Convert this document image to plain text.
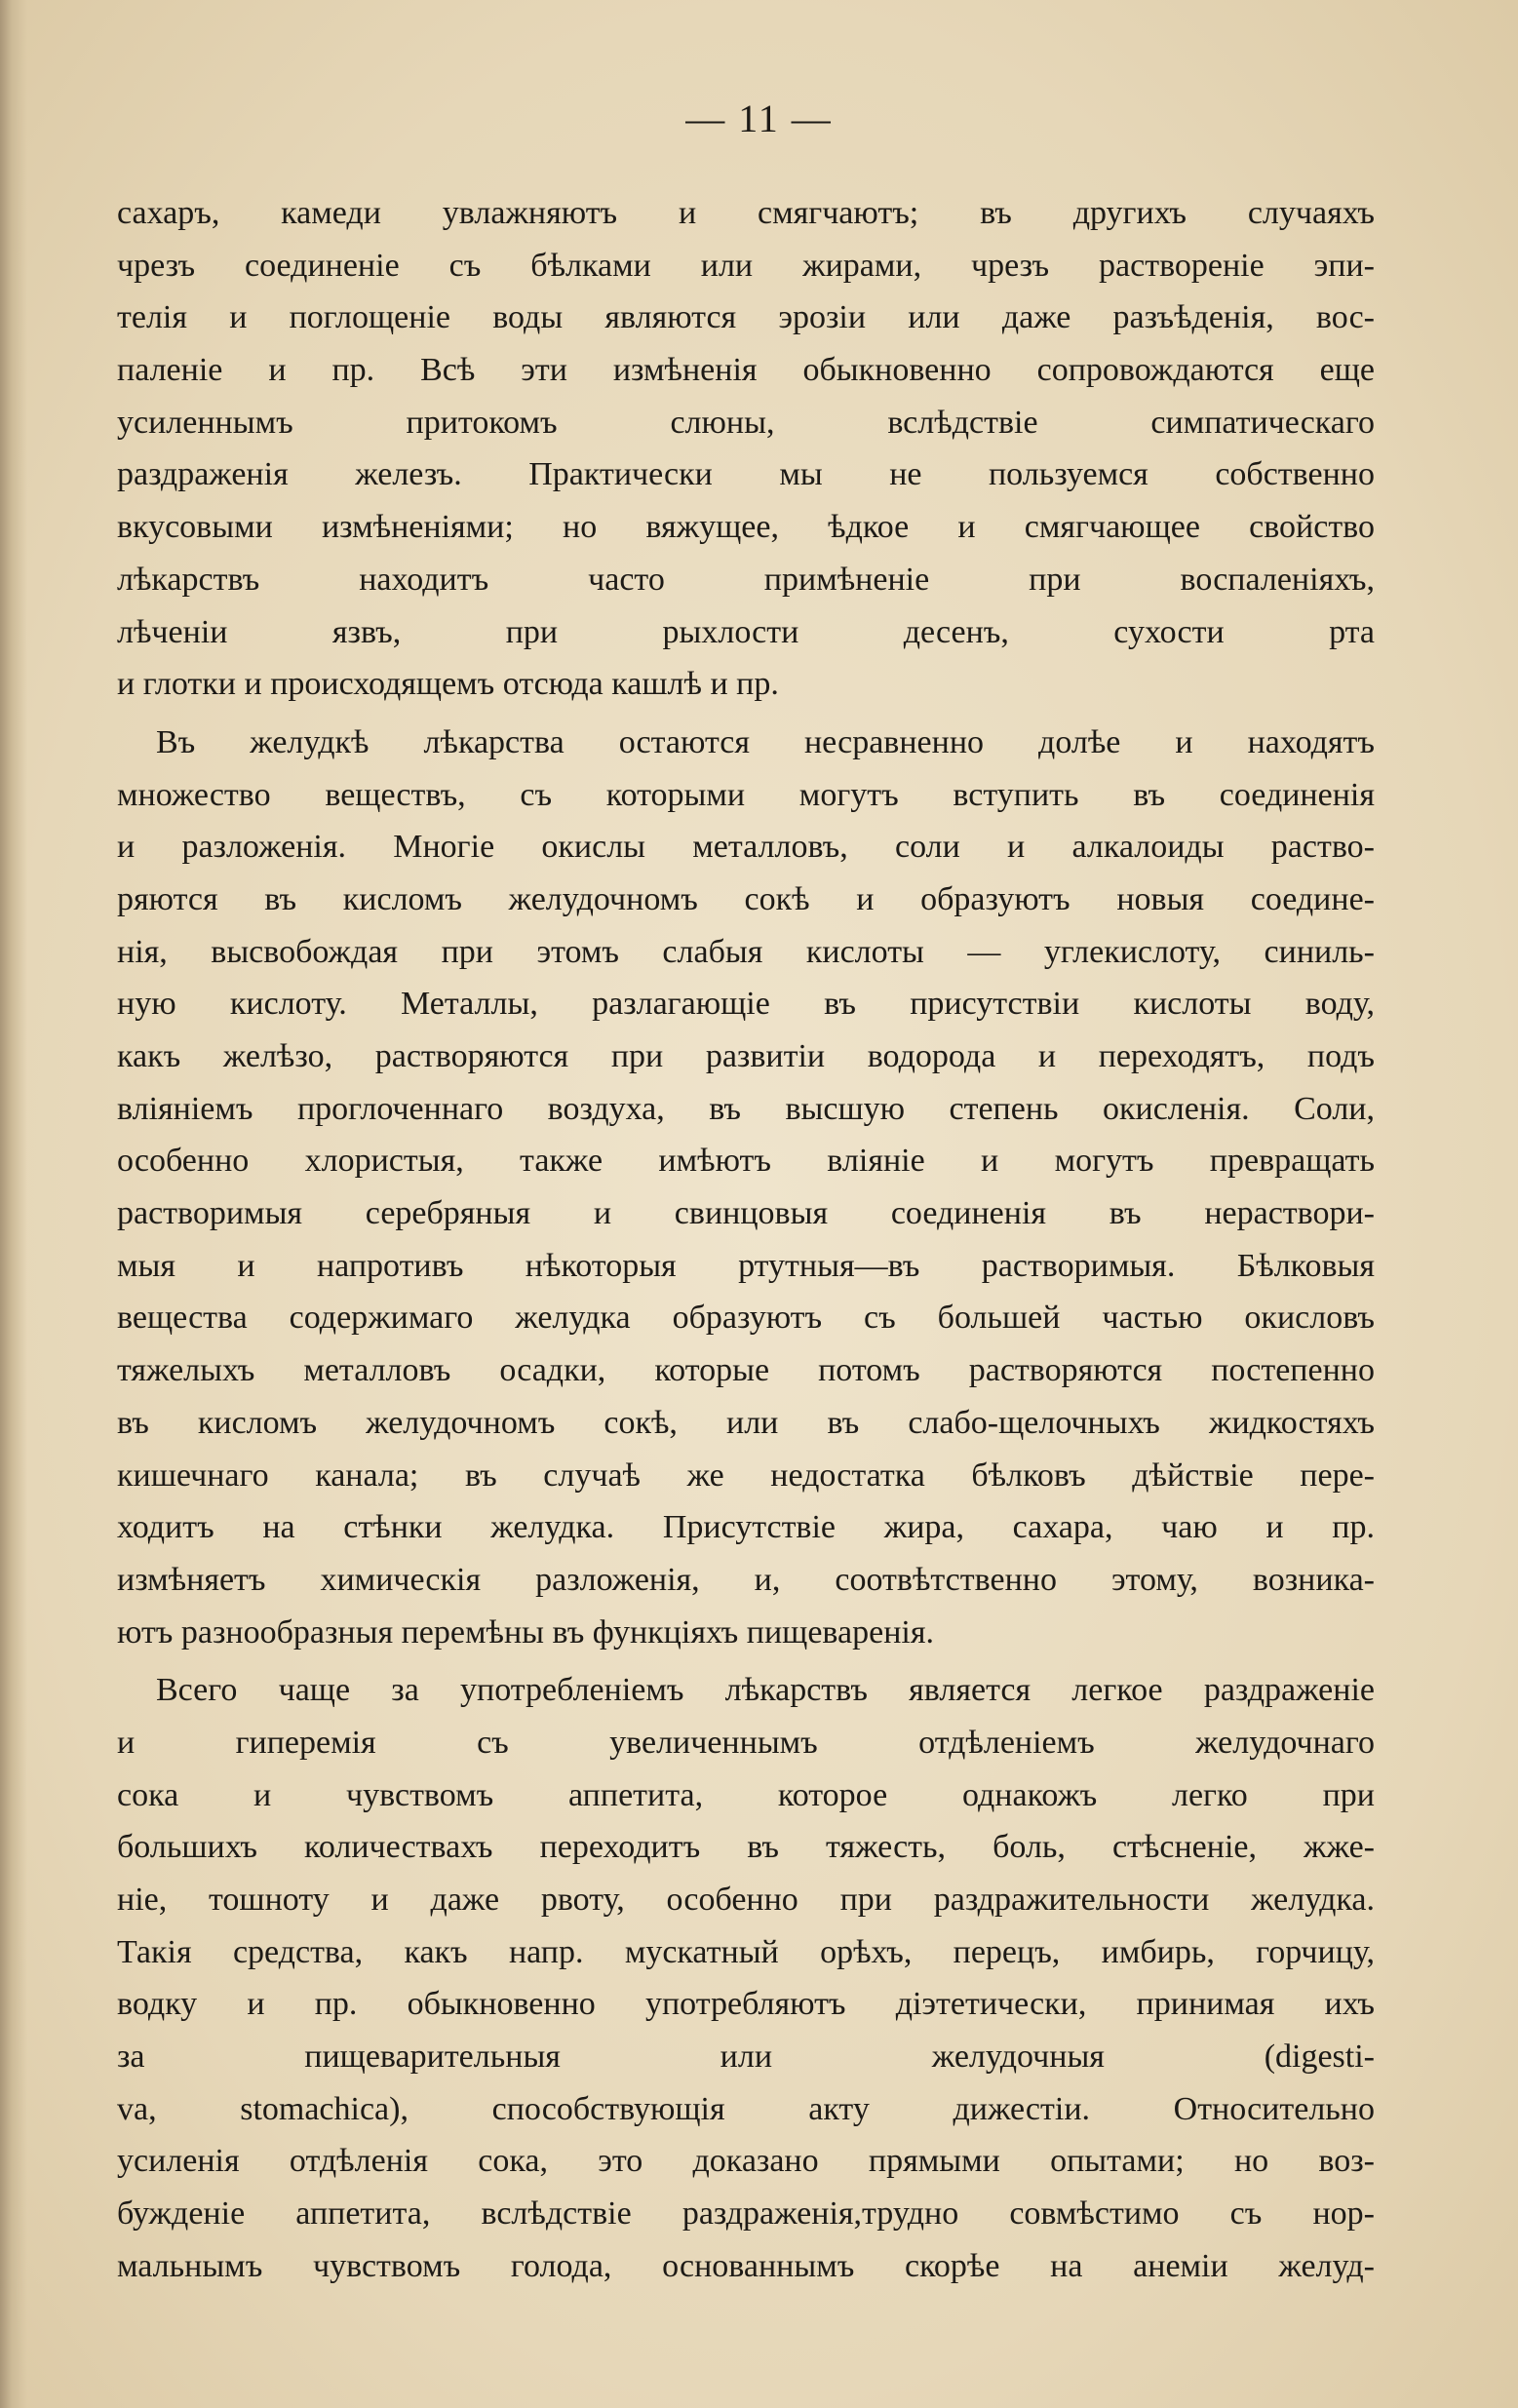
— 11 —
сахаръ, камеди увлажняютъ и смягчаютъ; въ другихъ случаяхъ
чрезъ соединеніе съ бѣлками или жирами, чрезъ раствореніе эпи-
телія и поглощеніе воды являются эрозіи или даже разъѣденія, вос-
паленіе и пр. Всѣ эти измѣненія обыкновенно сопровождаются еще
усиленнымъ притокомъ слюны, вслѣдствіе симпатическаго
раздраженія железъ. Практически мы не пользуемся собственно
вкусовыми измѣненіями; но вяжущее, ѣдкое и смягчающее свойство
лѣкарствъ находитъ часто примѣненіе при воспаленіяхъ,
лѣченіи язвъ, при рыхлости десенъ, сухости рта
и глотки и происходящемъ отсюда кашлѣ и пр.
Въ желудкѣ лѣкарства остаются несравненно долѣе и находятъ
множество веществъ, съ которыми могутъ вступить въ соединенія
и разложенія. Многіе окислы металловъ, соли и алкалоиды раство-
ряются въ кисломъ желудочномъ сокѣ и образуютъ новыя соедине-
нія, высвобождая при этомъ слабыя кислоты — углекислоту, синиль-
ную кислоту. Металлы, разлагающіе въ присутствіи кислоты воду,
какъ желѣзо, растворяются при развитіи водорода и переходятъ, подъ
вліяніемъ проглоченнаго воздуха, въ высшую степень окисленія. Соли,
особенно хлористыя, также имѣютъ вліяніе и могутъ превращать
растворимыя серебряныя и свинцовыя соединенія въ нераствори-
мыя и напротивъ нѣкоторыя ртутныя—въ растворимыя. Бѣлковыя
вещества содержимаго желудка образуютъ съ большей частью окисловъ
тяжелыхъ металловъ осадки, которые потомъ растворяются постепенно
въ кисломъ желудочномъ сокѣ, или въ слабо-щелочныхъ жидкостяхъ
кишечнаго канала; въ случаѣ же недостатка бѣлковъ дѣйствіе пере-
ходитъ на стѣнки желудка. Присутствіе жира, сахара, чаю и пр.
измѣняетъ химическія разложенія, и, соотвѣтственно этому, возника-
ютъ разнообразныя перемѣны въ функціяхъ пищеваренія.
Всего чаще за употребленіемъ лѣкарствъ является легкое раздраженіе
и гиперемія съ увеличеннымъ отдѣленіемъ желудочнаго
сока и чувствомъ аппетита, которое однакожъ легко при
большихъ количествахъ переходитъ въ тяжесть, боль, стѣсненіе, жже-
ніе, тошноту и даже рвоту, особенно при раздражительности желудка.
Такія средства, какъ напр. мускатный орѣхъ, перецъ, имбирь, горчицу,
водку и пр. обыкновенно употребляютъ діэтетически, принимая ихъ
за пищеварительныя или желудочныя (digesti-
va, stomachica), способствующія акту дижестіи. Относительно
усиленія отдѣленія сока, это доказано прямыми опытами; но воз-
бужденіе аппетита, вслѣдствіе раздраженія,трудно совмѣстимо съ нор-
мальнымъ чувствомъ голода, основаннымъ скорѣе на анеміи желуд-
